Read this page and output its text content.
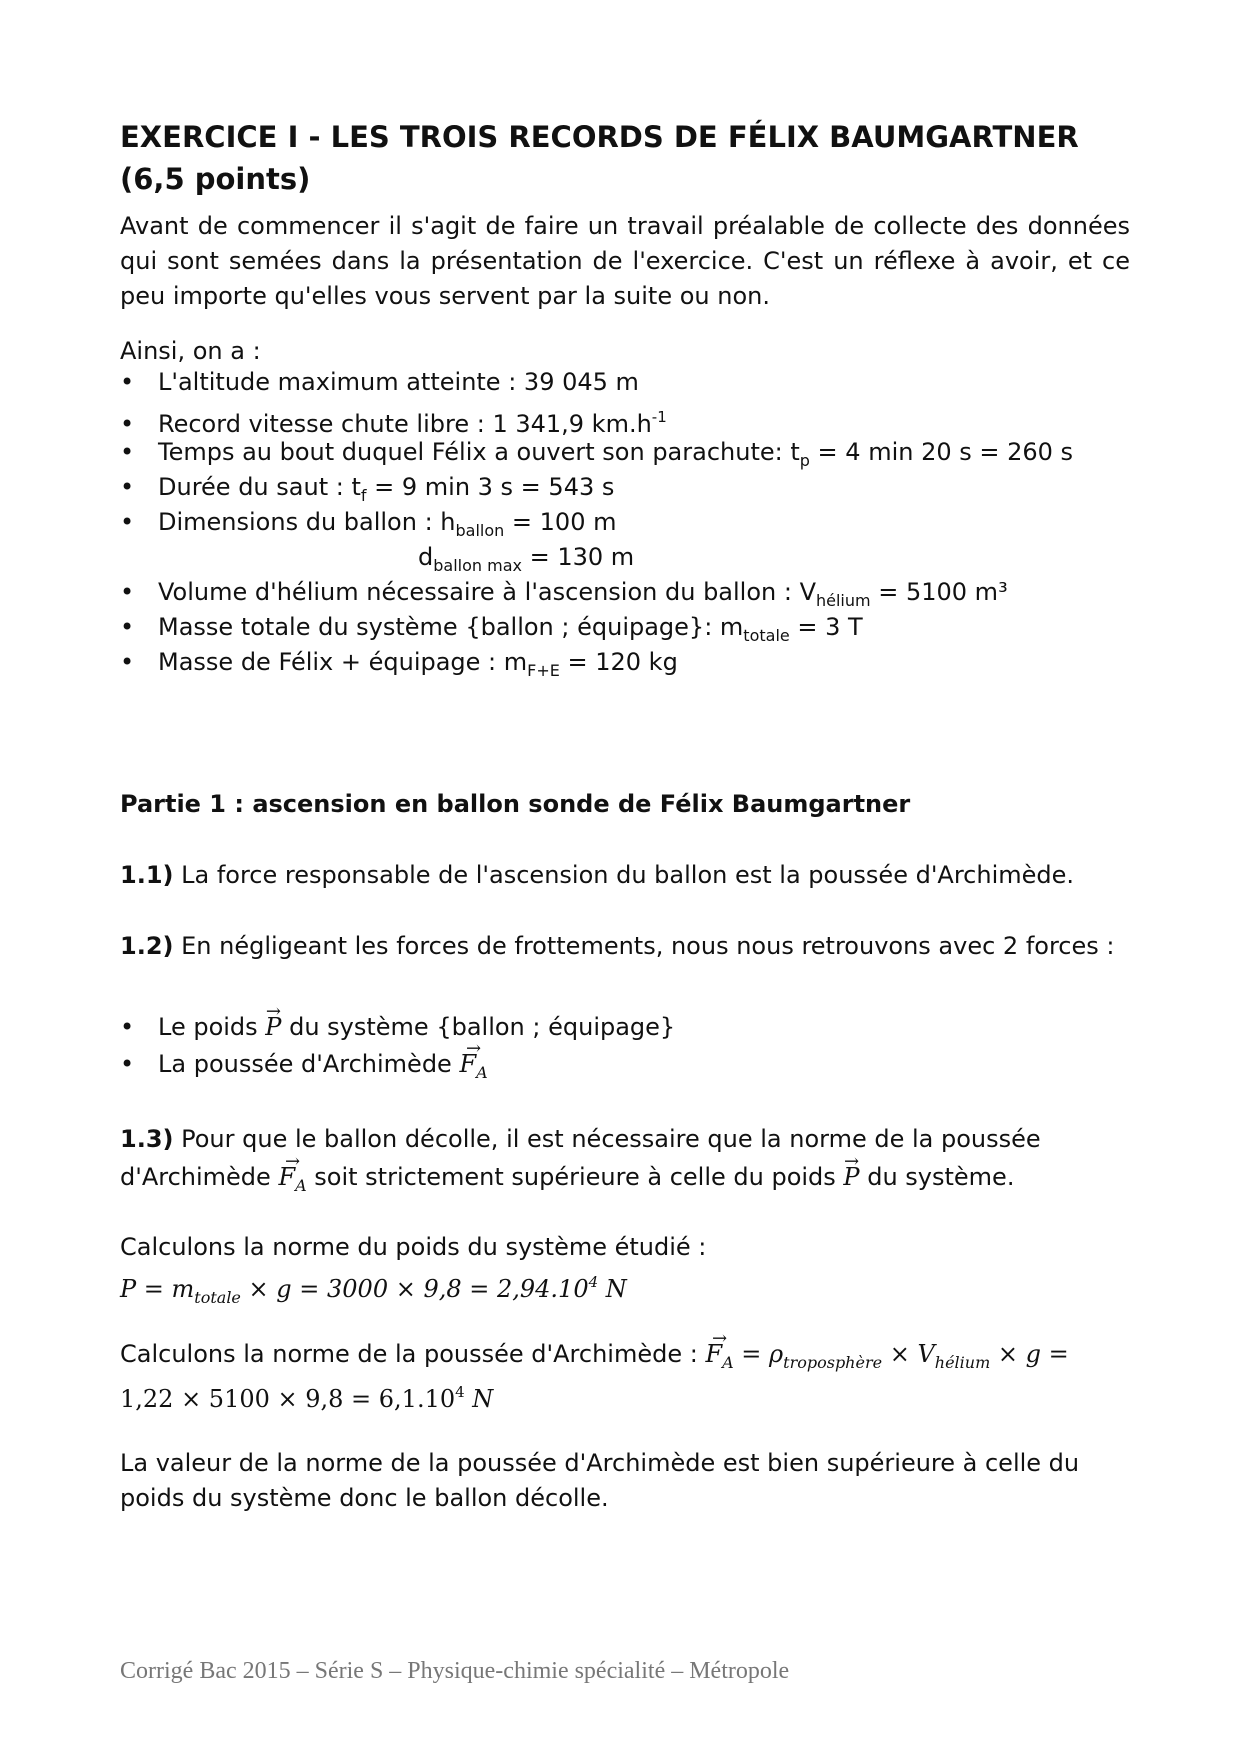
EXERCICE I - LES TROIS RECORDS DE FÉLIX BAUMGARTNER
(6,5 points)

Avant de commencer il s'agit de faire un travail préalable de collecte des données qui sont semées dans la présentation de l'exercice. C'est un réflexe à avoir, et ce peu importe qu'elles vous servent par la suite ou non.

Ainsi, on a :
• L'altitude maximum atteinte : 39 045 m
• Record vitesse chute libre : 1 341,9 $km.h^{-1}$
• Temps au bout duquel Félix a ouvert son parachute: $t_p = 4$ min 20 s = 260 s
• Durée du saut : $t_f = 9$ min 3 s = 543 s
• Dimensions du ballon : $h_{ballon} = 100$ m
$d_{ballon max} = 130$ m
• Volume d'hélium nécessaire à l'ascension du ballon : $V_{hélium} = 5100$ m³
• Masse totale du système {ballon ; équipage}: $m_{totale} = 3$ T
• Masse de Félix + équipage : $m_{F+E} = 120$ kg
Partie 1 : ascension en ballon sonde de Félix Baumgartner
1.1) La force responsable de l'ascension du ballon est la poussée d'Archimède.

1.2) En négligeant les forces de frottements, nous nous retrouvons avec 2 forces :

• Le poids → P du système {ballon ; équipage}
• La poussée d'Archimède → $F_A$
1.3) Pour que le ballon décolle, il est nécessaire que la norme de la poussée
d'Archimède → $F_A$ soit strictement supérieure à celle du poids → P du système.
Calculons la norme du poids du système étudié :
$P = m_{totale} \times g = 3000 \times 9,8 = 2,94.10^4$ N
Calculons la norme de la poussée d'Archimède : → $F_A = \rho_{troposphère} \times V_{hélium} \times g$ =
$1,22 \times 5100 \times 9,8 = 6,1.10^4$ N

La valeur de la norme de la poussée d'Archimède est bien supérieure à celle du poids du système donc le ballon décolle.

Corrigé Bac 2015 – Série S – Physique-chimie spécialité – Métropole
